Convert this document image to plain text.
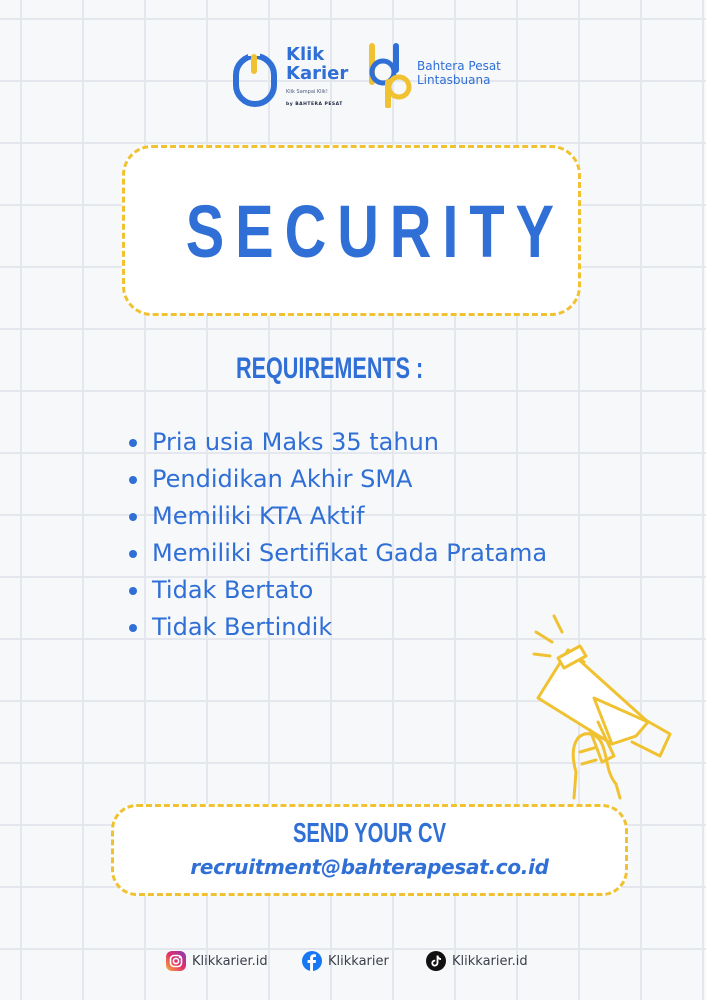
Klik
Karier
Klik Sampai Klik!
by BAHTERA PESAT
Bahtera Pesat
Lintasbuana
SECURITY
REQUIREMENTS :
Pria usia Maks 35 tahun
Pendidikan Akhir SMA
Memiliki KTA Aktif
Memiliki Sertifikat Gada Pratama
Tidak Bertato
Tidak Bertindik
SEND YOUR CV
recruitment@bahterapesat.co.id
Klikkarier.id	Klikkarier	Klikkarier.id
